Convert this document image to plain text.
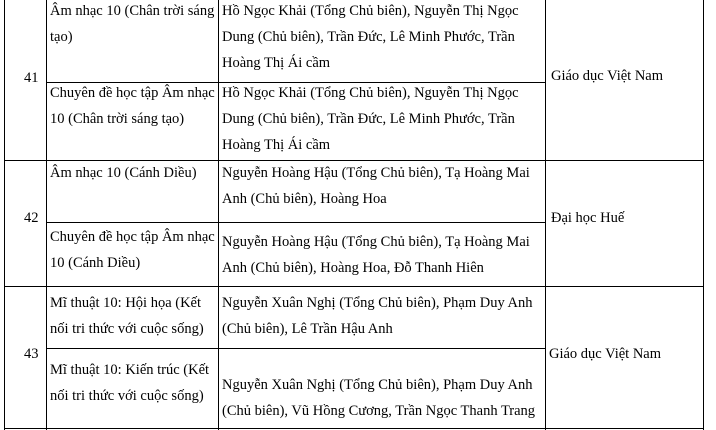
41
Âm nhạc 10 (Chân trời sáng
tạo)
Hồ Ngọc Khải (Tổng Chủ biên), Nguyễn Thị Ngọc
Dung (Chủ biên), Trần Đức, Lê Minh Phước, Trần
Hoàng Thị Ái cầm
Chuyên đề học tập Âm nhạc
10 (Chân trời sáng tạo)
Hồ Ngọc Khải (Tổng Chủ biên), Nguyễn Thị Ngọc
Dung (Chủ biên), Trần Đức, Lê Minh Phước, Trần
Hoàng Thị Ái cầm
Giáo dục Việt Nam
42
Âm nhạc 10 (Cánh Diều) Nguyễn Hoàng Hậu (Tổng Chủ biên), Tạ Hoàng Mai
Anh (Chủ biên), Hoàng Hoa
Chuyên đề học tập Âm nhạc
10 (Cánh Diều)
Nguyễn Hoàng Hậu (Tổng Chủ biên), Tạ Hoàng Mai
Anh (Chủ biên), Hoàng Hoa, Đỗ Thanh Hiên
Đại học Huế
43
Mĩ thuật 10: Hội họa (Kết
nối tri thức với cuộc sống)
Nguyễn Xuân Nghị (Tổng Chủ biên), Phạm Duy Anh
(Chủ biên), Lê Trần Hậu Anh
Mĩ thuật 10: Kiến trúc (Kết
nối tri thức với cuộc sống)
Nguyễn Xuân Nghị (Tổng Chủ biên), Phạm Duy Anh
(Chủ biên), Vũ Hồng Cương, Trần Ngọc Thanh Trang
Giáo dục Việt Nam
